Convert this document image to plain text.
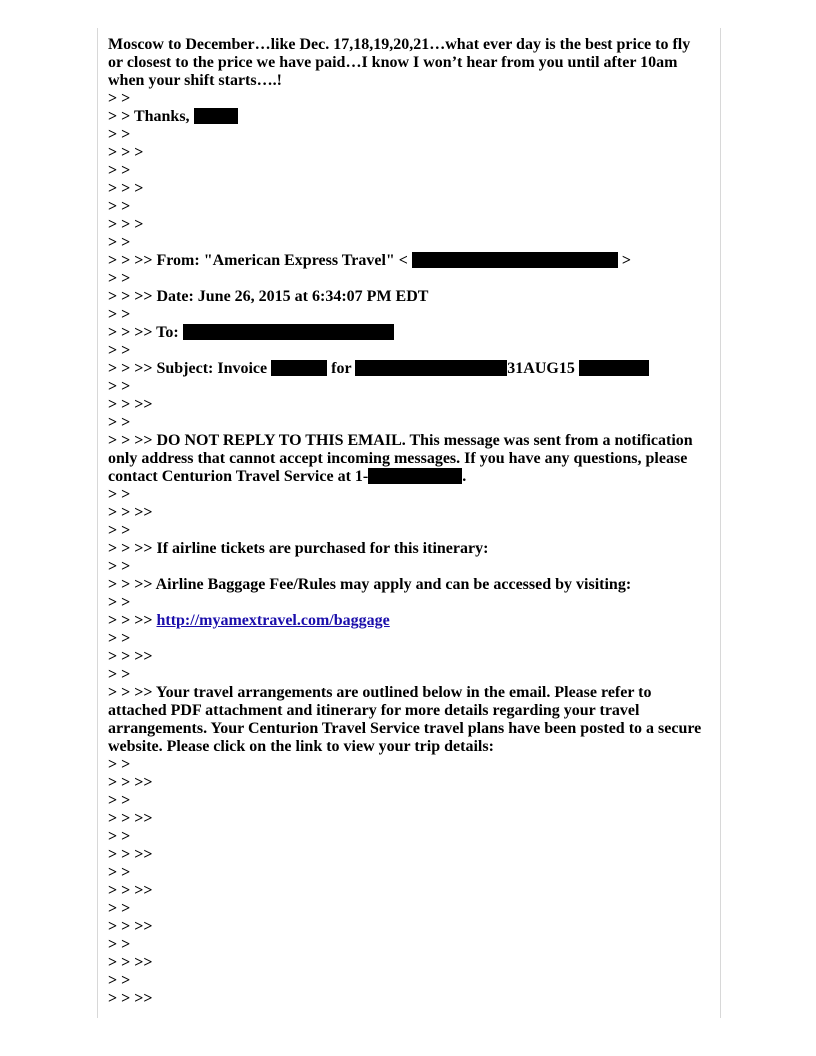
Moscow to December…like Dec. 17,18,19,20,21…what ever day is the best price to fly or closest to the price we have paid…I know I won’t hear from you until after 10am when your shift starts….!
> >
> > Thanks,
> >
> > >
> >
> > >
> >
> > >
> >
> > >> From: "American Express Travel" <	>
> >
> > >> Date: June 26, 2015 at 6:34:07 PM EDT
> >
> > >> To:
> >
> > >> Subject: Invoice	for	31AUG15
> >
> > >>
> >
> > >> DO NOT REPLY TO THIS EMAIL. This message was sent from a notification only address that cannot accept incoming messages. If you have any questions, please contact Centurion Travel Service at 1-	.
> >
> > >>
> >
> > >> If airline tickets are purchased for this itinerary:
> >
> > >> Airline Baggage Fee/Rules may apply and can be accessed by visiting:
> >
> > >> http://myamextravel.com/baggage
> >
> > >>
> >
> > >> Your travel arrangements are outlined below in the email. Please refer to attached PDF attachment and itinerary for more details regarding your travel arrangements. Your Centurion Travel Service travel plans have been posted to a secure website. Please click on the link to view your trip details:
> >
> > >>
> >
> > >>
> >
> > >>
> >
> > >>
> >
> > >>
> >
> > >>
> >
> > >>
